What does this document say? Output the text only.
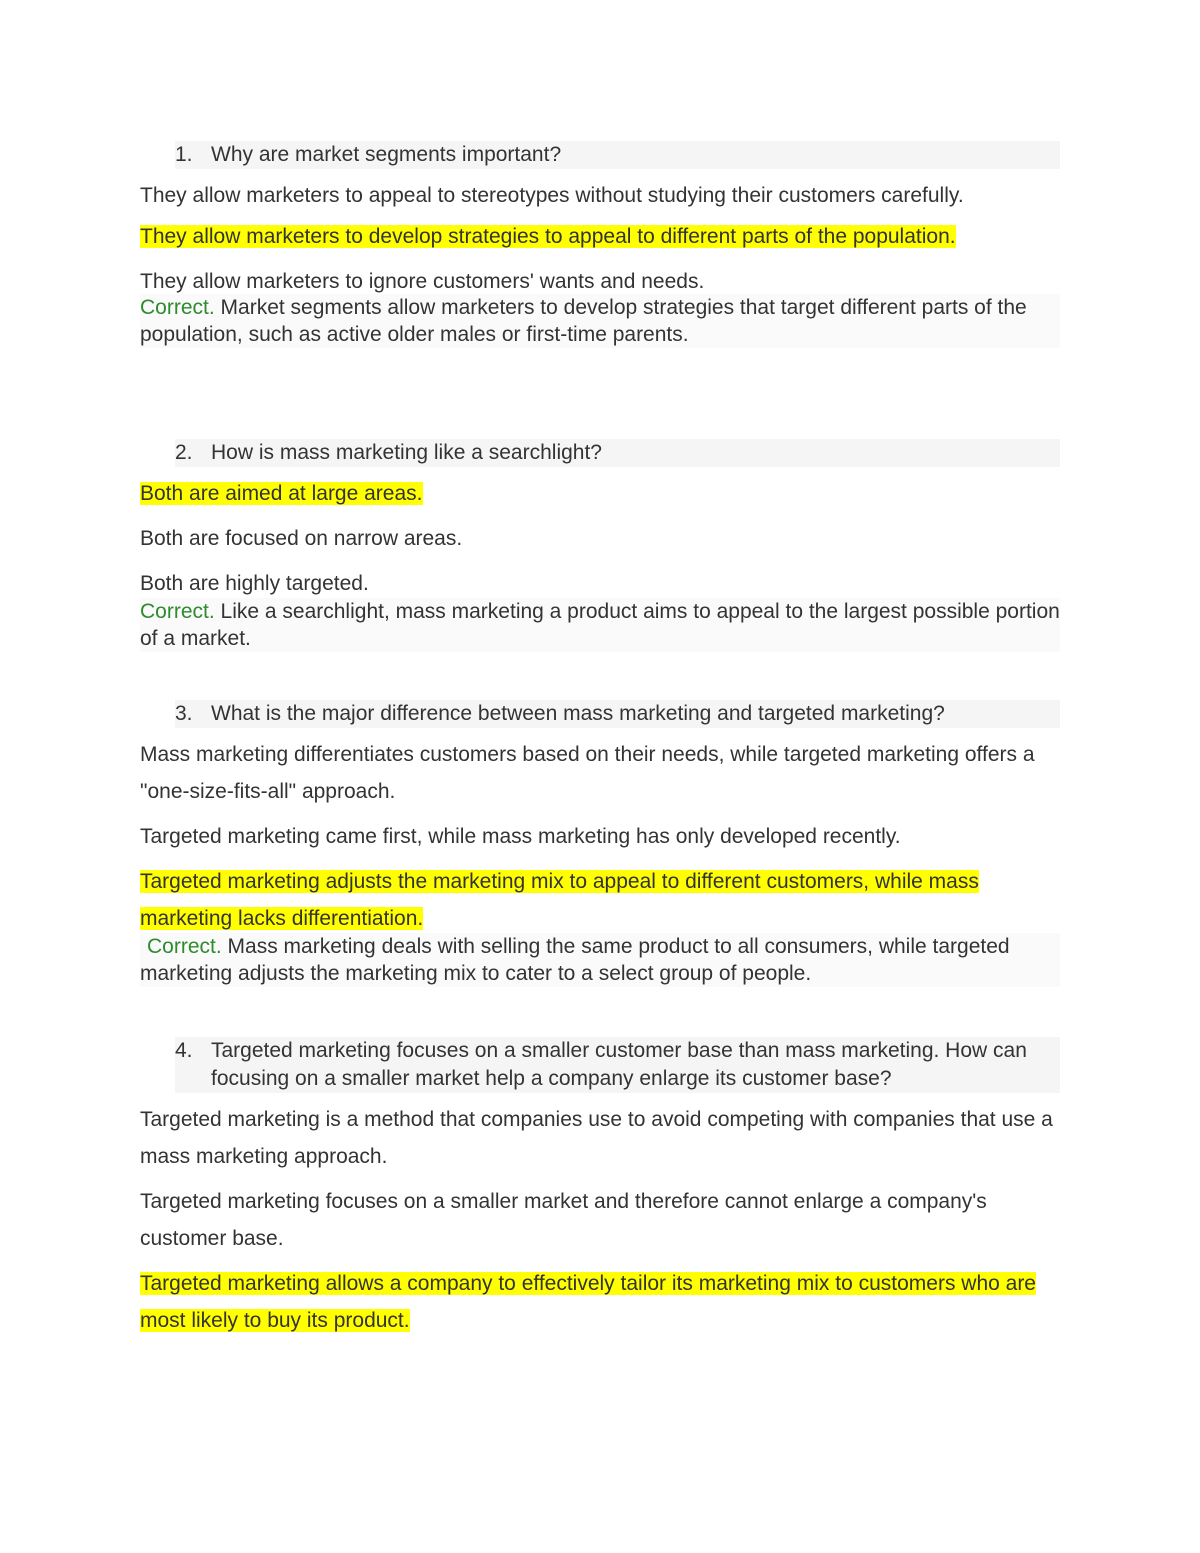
1. Why are market segments important?

They allow marketers to appeal to stereotypes without studying their customers carefully.

They allow marketers to develop strategies to appeal to different parts of the population.

They allow marketers to ignore customers' wants and needs.

Correct. Market segments allow marketers to develop strategies that target different parts of the population, such as active older males or first-time parents.
2. How is mass marketing like a searchlight?

Both are aimed at large areas.

Both are focused on narrow areas.

Both are highly targeted.

Correct. Like a searchlight, mass marketing a product aims to appeal to the largest possible portion of a market.
3. What is the major difference between mass marketing and targeted marketing?

Mass marketing differentiates customers based on their needs, while targeted marketing offers a "one-size-fits-all" approach.

Targeted marketing came first, while mass marketing has only developed recently.

Targeted marketing adjusts the marketing mix to appeal to different customers, while mass marketing lacks differentiation.

Correct. Mass marketing deals with selling the same product to all consumers, while targeted marketing adjusts the marketing mix to cater to a select group of people.
4. Targeted marketing focuses on a smaller customer base than mass marketing. How can focusing on a smaller market help a company enlarge its customer base?

Targeted marketing is a method that companies use to avoid competing with companies that use a mass marketing approach.

Targeted marketing focuses on a smaller market and therefore cannot enlarge a company's customer base.

Targeted marketing allows a company to effectively tailor its marketing mix to customers who are most likely to buy its product.
